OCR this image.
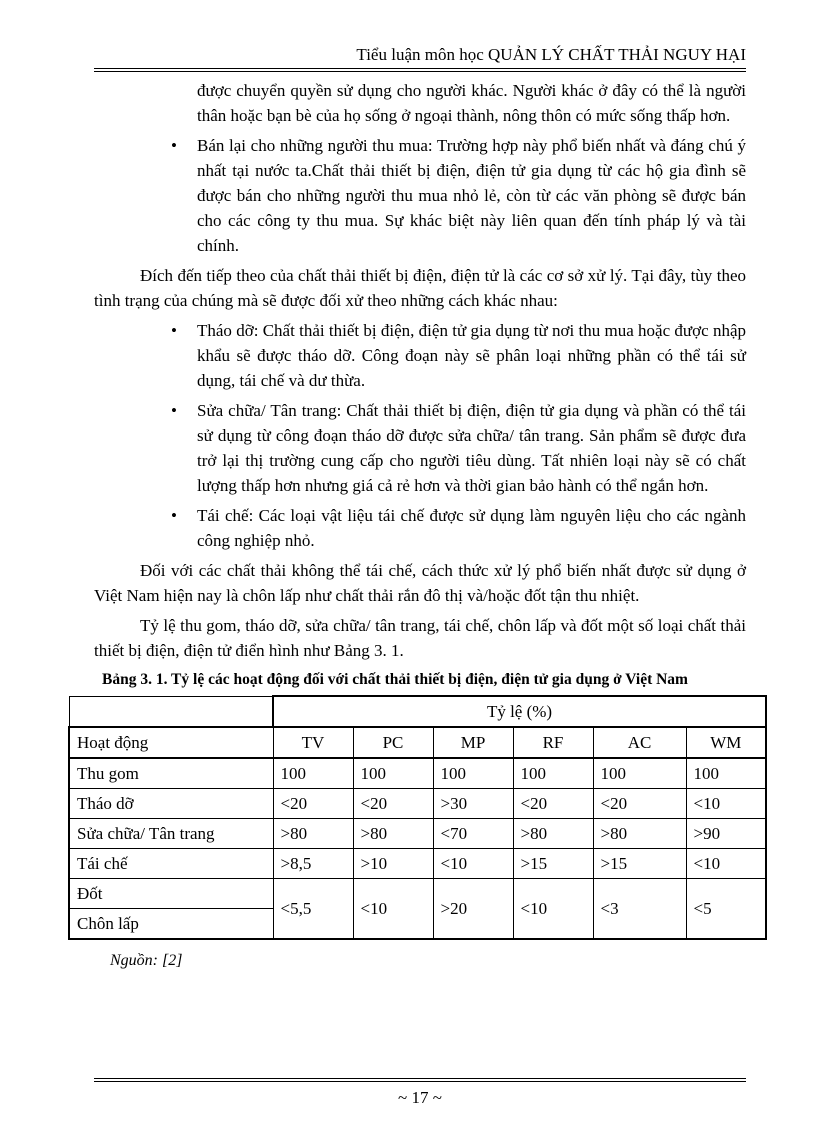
Tiểu luận môn học QUẢN LÝ CHẤT THẢI NGUY HẠI

được chuyển quyền sử dụng cho người khác. Người khác ở đây có thể là người thân hoặc bạn bè của họ sống ở ngoại thành, nông thôn có mức sống thấp hơn.

• Bán lại cho những người thu mua: Trường hợp này phổ biến nhất và đáng chú ý nhất tại nước ta.Chất thải thiết bị điện, điện tử gia dụng từ các hộ gia đình sẽ được bán cho những người thu mua nhỏ lẻ, còn từ các văn phòng sẽ được bán cho các công ty thu mua. Sự khác biệt này liên quan đến tính pháp lý và tài chính.

Đích đến tiếp theo của chất thải thiết bị điện, điện tử là các cơ sở xử lý. Tại đây, tùy theo tình trạng của chúng mà sẽ được đối xử theo những cách khác nhau:

• Tháo dỡ: Chất thải thiết bị điện, điện tử gia dụng từ nơi thu mua hoặc được nhập khẩu sẽ được tháo dỡ. Công đoạn này sẽ phân loại những phần có thể tái sử dụng, tái chế và dư thừa.
• Sửa chữa/ Tân trang: Chất thải thiết bị điện, điện tử gia dụng và phần có thể tái sử dụng từ công đoạn tháo dỡ được sửa chữa/ tân trang. Sản phẩm sẽ được đưa trở lại thị trường cung cấp cho người tiêu dùng. Tất nhiên loại này sẽ có chất lượng thấp hơn nhưng giá cả rẻ hơn và thời gian bảo hành có thể ngắn hơn.
• Tái chế: Các loại vật liệu tái chế được sử dụng làm nguyên liệu cho các ngành công nghiệp nhỏ.

Đối với các chất thải không thể tái chế, cách thức xử lý phổ biến nhất được sử dụng ở Việt Nam hiện nay là chôn lấp như chất thải rắn đô thị và/hoặc đốt tận thu nhiệt.

Tỷ lệ thu gom, tháo dỡ, sửa chữa/ tân trang, tái chế, chôn lấp và đốt một số loại chất thải thiết bị điện, điện tử điển hình như Bảng 3. 1.

Bảng 3. 1. Tỷ lệ các hoạt động đối với chất thải thiết bị điện, điện tử gia dụng ở Việt Nam
	Tỷ lệ (%)					
Hoạt động	TV	PC	MP	RF	AC	WM
Thu gom	100	100	100	100	100	100
Tháo dỡ	<20	<20	>30	<20	<20	<10
Sửa chữa/ Tân trang	>80	>80	<70	>80	>80	>90
Tái chế	>8,5	>10	<10	>15	>15	<10
Đốt	<5,5	<10	>20	<10	<3	<5
Chôn lấp						
Nguồn: [2]
~ 17 ~
